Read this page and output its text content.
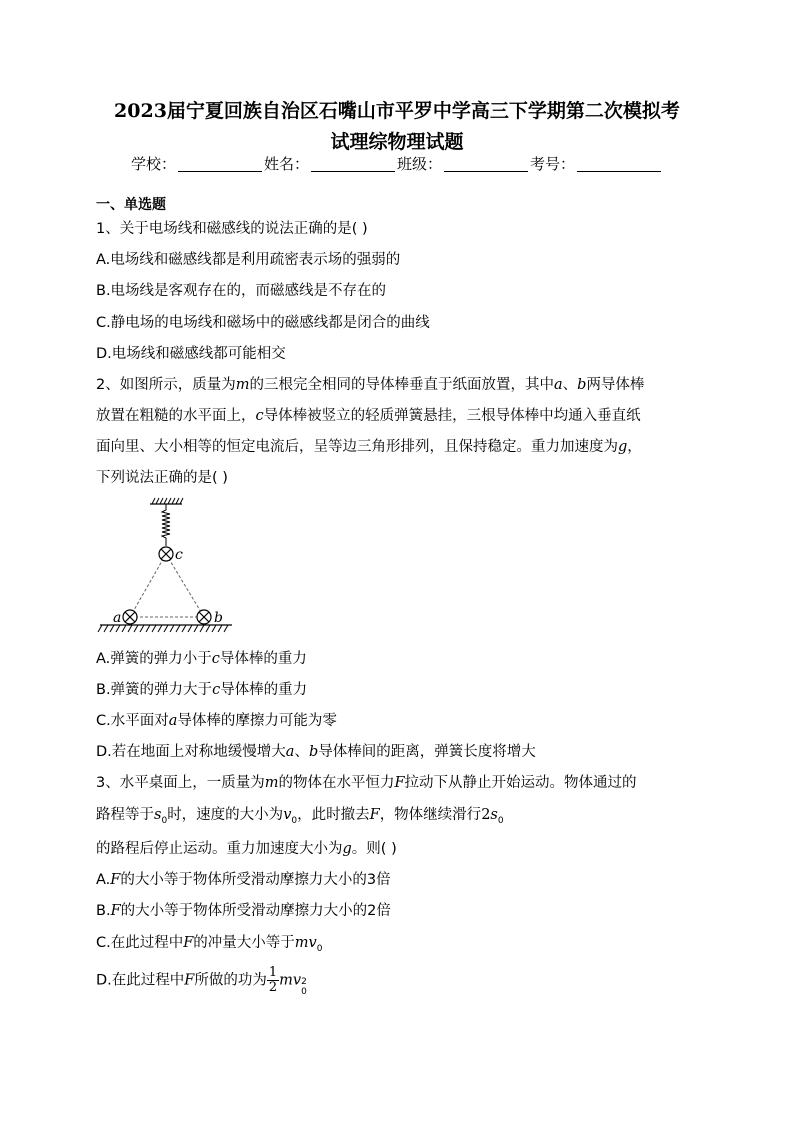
2023届宁夏回族自治区石嘴山市平罗中学高三下学期第二次模拟考
试理综物理试题
学校：	姓名：	班级：	考号：
一、单选题
1、关于电场线和磁感线的说法正确的是( )
A.电场线和磁感线都是利用疏密表示场的强弱的
B.电场线是客观存在的，而磁感线是不存在的
C.静电场的电场线和磁场中的磁感线都是闭合的曲线
D.电场线和磁感线都可能相交
2、如图所示，质量为m的三根完全相同的导体棒垂直于纸面放置，其中a、b两导体棒
放置在粗糙的水平面上，c导体棒被竖立的轻质弹簧悬挂，三根导体棒中均通入垂直纸
面向里、大小相等的恒定电流后，呈等边三角形排列，且保持稳定。重力加速度为g，
下列说法正确的是( )
c
a	b
A.弹簧的弹力小于c导体棒的重力
B.弹簧的弹力大于c导体棒的重力
C.水平面对a导体棒的摩擦力可能为零
D.若在地面上对称地缓慢增大a、b导体棒间的距离，弹簧长度将增大
3、水平桌面上，一质量为m的物体在水平恒力F拉动下从静止开始运动。物体通过的
路程等于$s_0$时，速度的大小为$v_0$，此时撤去F，物体继续滑行$2s_0$
的路程后停止运动。重力加速度大小为g。则( )
A.F的大小等于物体所受滑动摩擦力大小的3倍
B.F的大小等于物体所受滑动摩擦力大小的2倍
C.在此过程中F的冲量大小等于$mv_0$
D.在此过程中F所做的功为 $\frac{1}{2}$ mv 2
0
